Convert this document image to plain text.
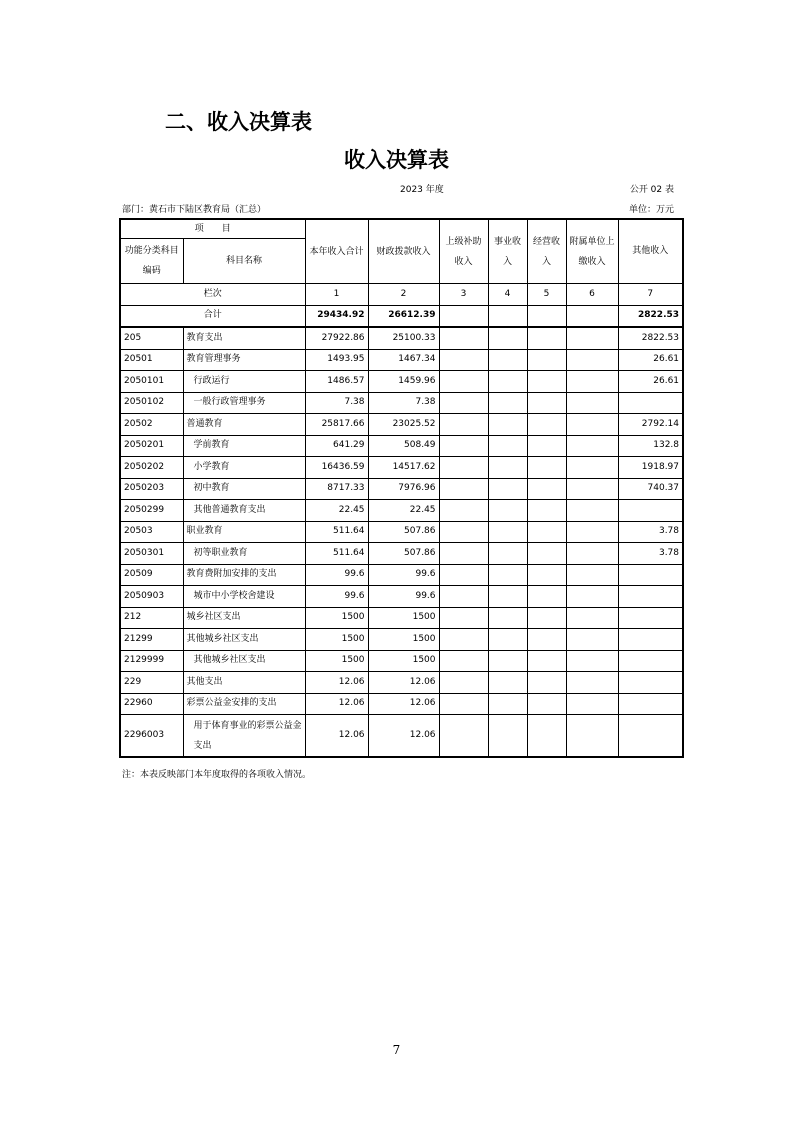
二、收入决算表
收入决算表
2023 年度	公开 02 表
部门：黄石市下陆区教育局（汇总）	单位：万元
项　　目		本年收入合计	财政拨款收入	上级补助收入	事业收入	经营收入	附属单位上缴收入	其他收入
功能分类科目编码	科目名称							
栏次		1	2	3	4	5	6	7
合计		29434.92	26612.39					2822.53
205	教育支出	27922.86	25100.33					2822.53
20501	教育管理事务	1493.95	1467.34					26.61
2050101	行政运行	1486.57	1459.96					26.61
2050102	一般行政管理事务	7.38	7.38					
20502	普通教育	25817.66	23025.52					2792.14
2050201	学前教育	641.29	508.49					132.8
2050202	小学教育	16436.59	14517.62					1918.97
2050203	初中教育	8717.33	7976.96					740.37
2050299	其他普通教育支出	22.45	22.45					
20503	职业教育	511.64	507.86					3.78
2050301	初等职业教育	511.64	507.86					3.78
20509	教育费附加安排的支出	99.6	99.6					
2050903	城市中小学校舍建设	99.6	99.6					
212	城乡社区支出	1500	1500					
21299	其他城乡社区支出	1500	1500					
2129999	其他城乡社区支出	1500	1500					
229	其他支出	12.06	12.06					
22960	彩票公益金安排的支出	12.06	12.06					
2296003	用于体育事业的彩票公益金支出	12.06	12.06					
注：本表反映部门本年度取得的各项收入情况。
7
